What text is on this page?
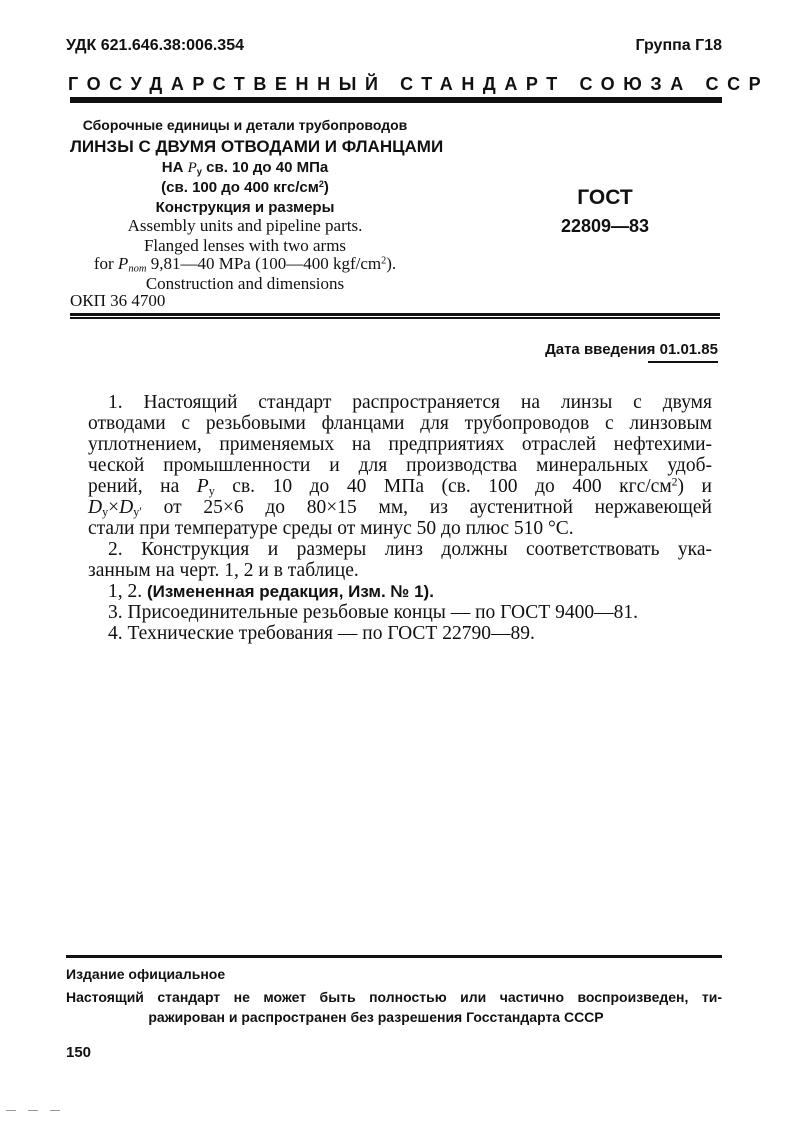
УДК 621.646.38:006.354	Группа Г18
ГОСУДАРСТВЕННЫЙ СТАНДАРТ СОЮЗА ССР
Сборочные единицы и детали трубопроводов
ЛИНЗЫ С ДВУМЯ ОТВОДАМИ И ФЛАНЦАМИ
НА $P_y$ св. 10 до 40 МПа
(св. 100 до 400 кгс/$см^2$)
Конструкция и размеры
Assembly units and pipeline parts.
Flanged lenses with two arms
for $P_{nom}$ 9,81—40 MPa (100—400 kgf/$cm^2$).
Construction and dimensions
ОКП 36 4700
ГОСТ
22809—83
Дата введения 01.01.85
1. Настоящий стандарт распространяется на линзы с двумя
отводами с резьбовыми фланцами для трубопроводов с линзовым
уплотнением, применяемых на предприятиях отраслей нефтехими-
ческой промышленности и для производства минеральных удоб-
рений, на $P_y$ св. 10 до 40 МПа (св. 100 до 400 кгс/$см^2$) и
$D_y\times D_{y'}$ от 25×6 до 80×15 мм, из аустенитной нержавеющей
стали при температуре среды от минус 50 до плюс 510 °С.
2. Конструкция и размеры линз должны соответствовать ука-
занным на черт. 1, 2 и в таблице.
1, 2. (Измененная редакция, Изм. № 1).
3. Присоединительные резьбовые концы — по ГОСТ 9400—81.
4. Технические требования — по ГОСТ 22790—89.
Издание официальное
Настоящий стандарт не может быть полностью или частично воспроизведен, ти-
ражирован и распространен без разрешения Госстандарта СССР
150
